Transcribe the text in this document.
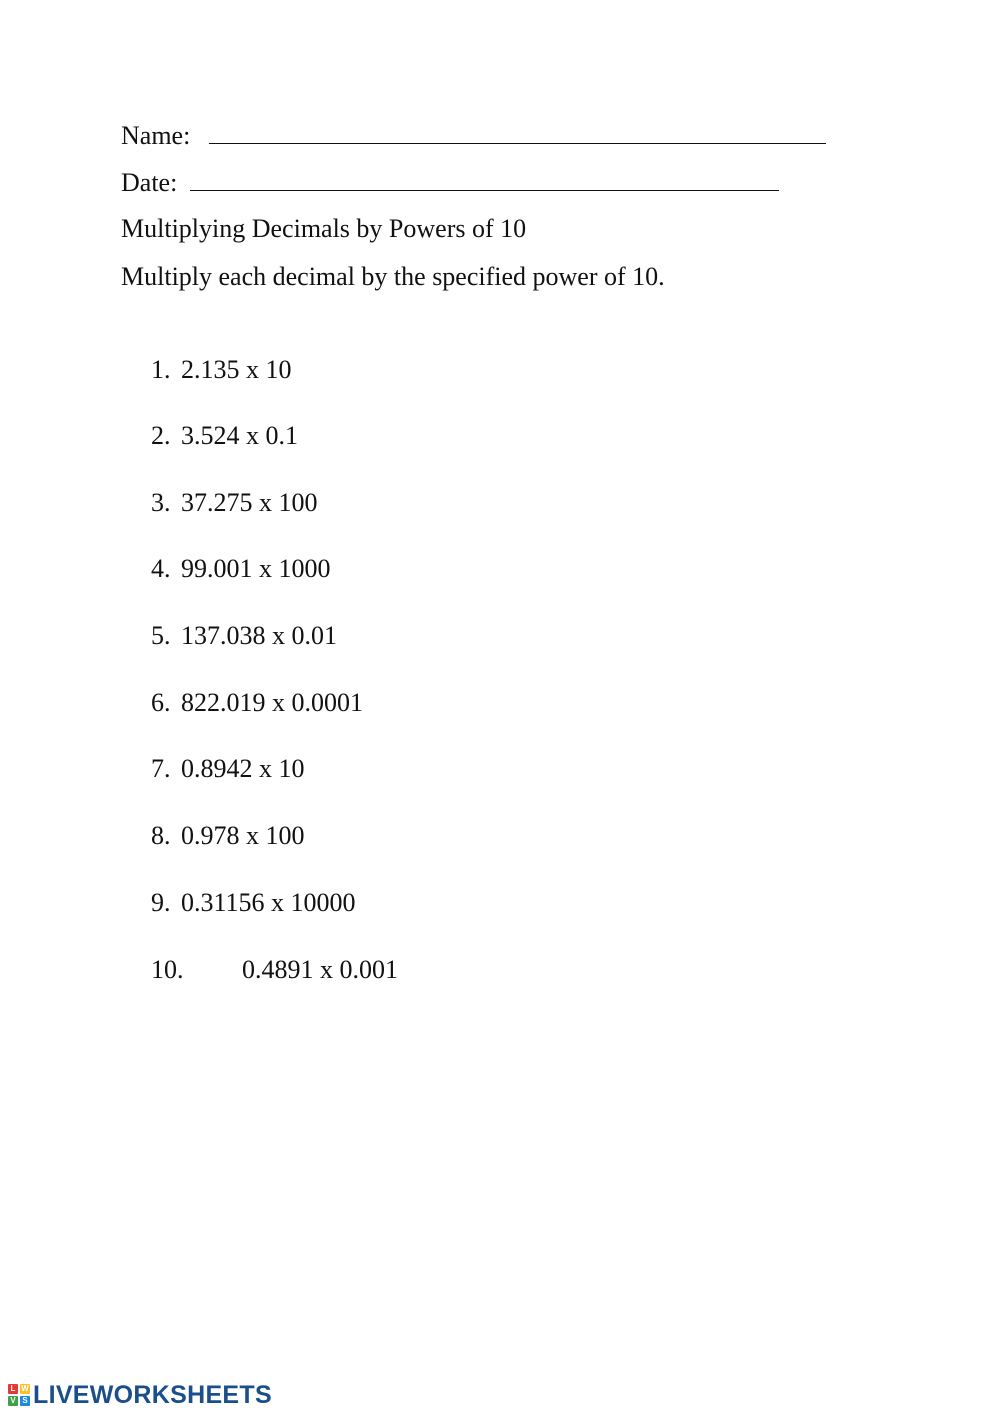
Name:
Date:
Multiplying Decimals by Powers of 10
Multiply each decimal by the specified power of 10.
1. 2.135 x 10
2. 3.524 x 0.1
3. 37.275 x 100
4. 99.001 x 1000
5. 137.038 x 0.01
6. 822.019 x 0.0001
7. 0.8942 x 10
8. 0.978 x 100
9. 0.31156 x 10000
10. 0.4891 x 0.001
L W
V S LIVEWORKSHEETS
